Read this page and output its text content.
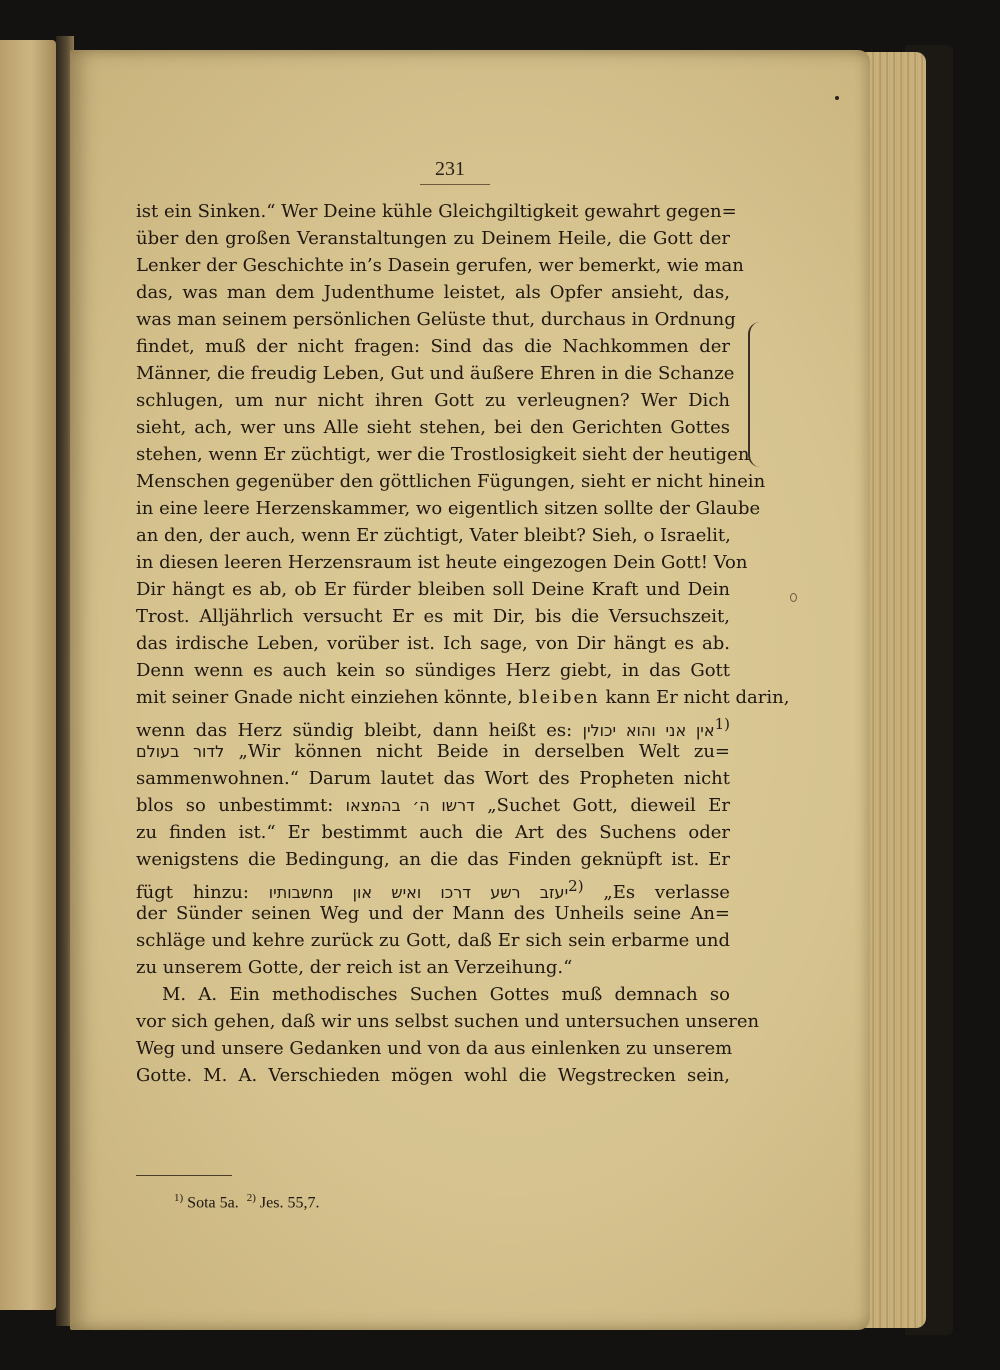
231

ist ein Sinken.“ Wer Deine kühle Gleichgiltigkeit gewahrt gegen=
über den großen Veranstaltungen zu Deinem Heile, die Gott der
Lenker der Geschichte in’s Dasein gerufen, wer bemerkt, wie man
das, was man dem Judenthume leistet, als Opfer ansieht, das,
was man seinem persönlichen Gelüste thut, durchaus in Ordnung
findet, muß der nicht fragen: Sind das die Nachkommen der
Männer, die freudig Leben, Gut und äußere Ehren in die Schanze
schlugen, um nur nicht ihren Gott zu verleugnen? Wer Dich
sieht, ach, wer uns Alle sieht stehen, bei den Gerichten Gottes
stehen, wenn Er züchtigt, wer die Trostlosigkeit sieht der heutigen
Menschen gegenüber den göttlichen Fügungen, sieht er nicht hinein
in eine leere Herzenskammer, wo eigentlich sitzen sollte der Glaube
an den, der auch, wenn Er züchtigt, Vater bleibt? Sieh, o Israelit,
in diesen leeren Herzensraum ist heute eingezogen Dein Gott! Von
Dir hängt es ab, ob Er fürder bleiben soll Deine Kraft und Dein
Trost. Alljährlich versucht Er es mit Dir, bis die Versuchszeit,
das irdische Leben, vorüber ist. Ich sage, von Dir hängt es ab.
Denn wenn es auch kein so sündiges Herz giebt, in das Gott
mit seiner Gnade nicht einziehen könnte, bleiben kann Er nicht darin,
wenn das Herz sündig bleibt, dann heißt es: אין אני והוא יכולין$^{1)}$
לדור בעולם „Wir können nicht Beide in derselben Welt zu=
sammenwohnen.“ Darum lautet das Wort des Propheten nicht
blos so unbestimmt: דרשו ה׳ בהמצאו „Suchet Gott, dieweil Er
zu finden ist.“ Er bestimmt auch die Art des Suchens oder
wenigstens die Bedingung, an die das Finden geknüpft ist. Er
fügt hinzu: יעזב רשע דרכו ואיש און מחשבותיו$^{2)}$ „Es verlasse
der Sünder seinen Weg und der Mann des Unheils seine An=
schläge und kehre zurück zu Gott, daß Er sich sein erbarme und
zu unserem Gotte, der reich ist an Verzeihung.“
M. A. Ein methodisches Suchen Gottes muß demnach so
vor sich gehen, daß wir uns selbst suchen und untersuchen unseren
Weg und unsere Gedanken und von da aus einlenken zu unserem
Gotte. M. A. Verschieden mögen wohl die Wegstrecken sein,

$^{1)}$ Sota 5a. $^{2)}$ Jes. 55,7.
